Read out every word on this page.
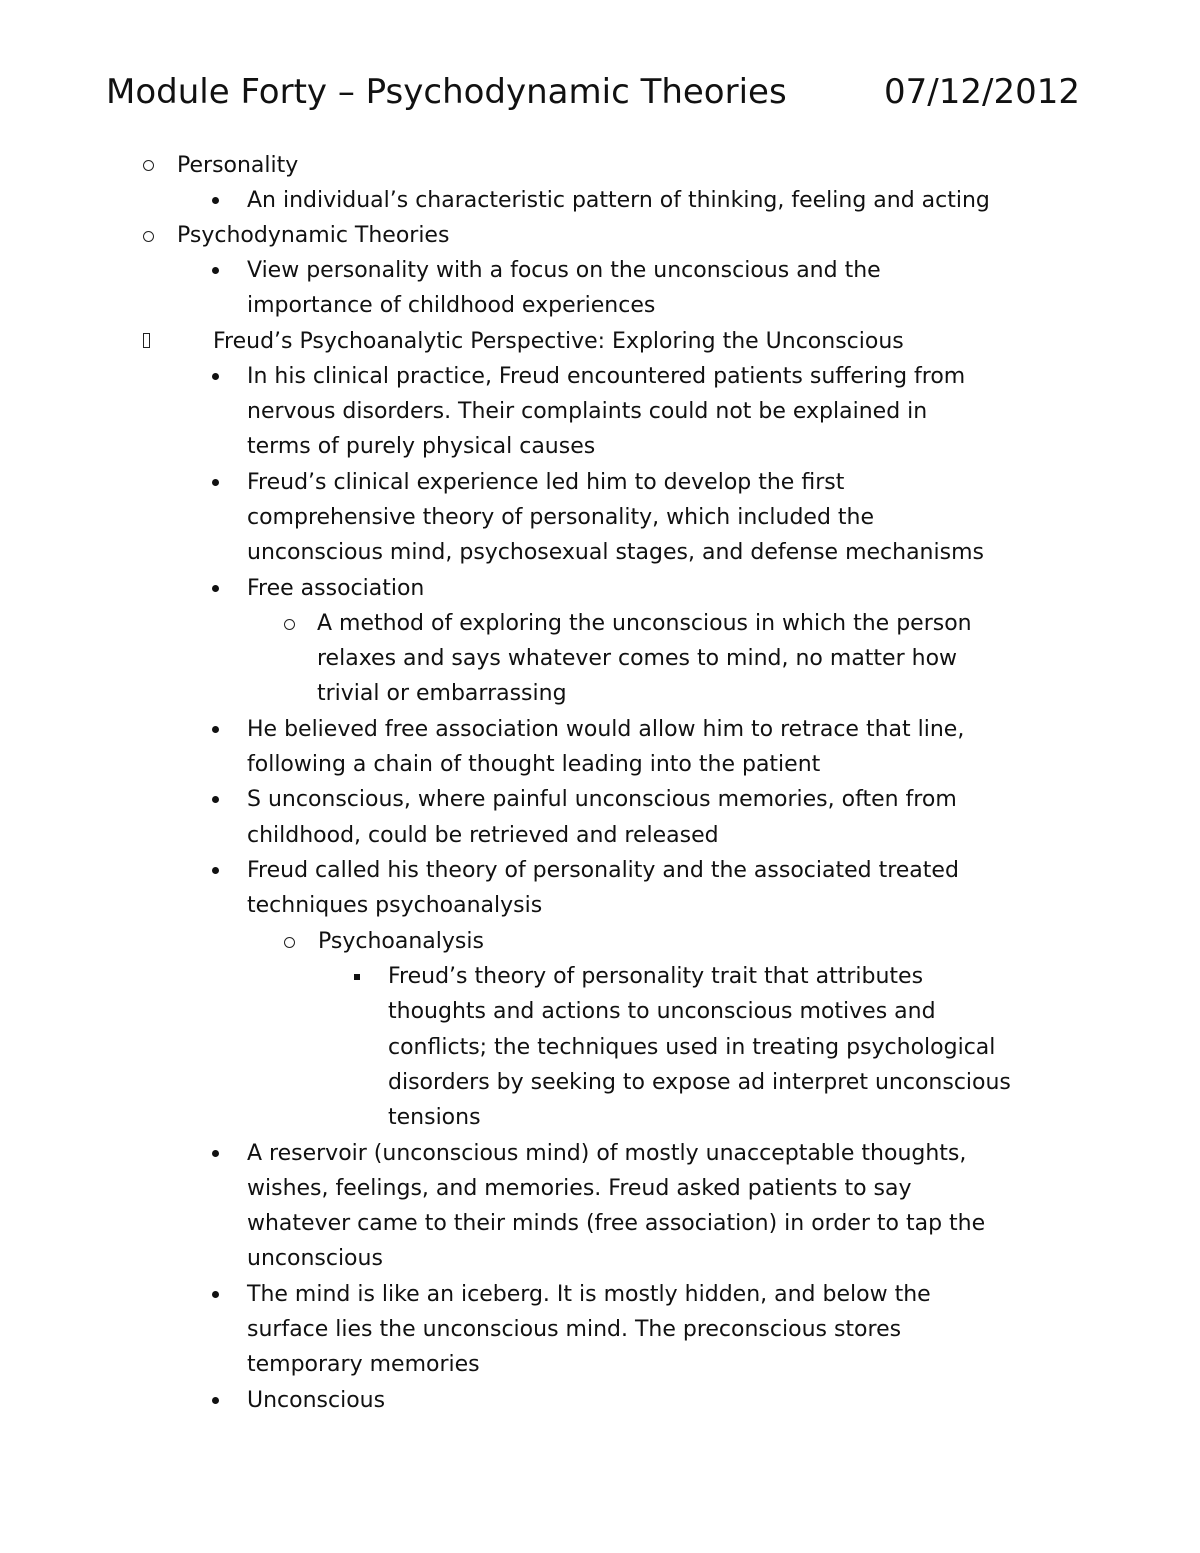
Module Forty – Psychodynamic Theories	07/12/2012
Personality
An individual’s characteristic pattern of thinking, feeling and acting
Psychodynamic Theories
View personality with a focus on the unconscious and the
importance of childhood experiences
Freud’s Psychoanalytic Perspective: Exploring the Unconscious
In his clinical practice, Freud encountered patients suffering from
nervous disorders. Their complaints could not be explained in
terms of purely physical causes
Freud’s clinical experience led him to develop the first
comprehensive theory of personality, which included the
unconscious mind, psychosexual stages, and defense mechanisms
Free association
A method of exploring the unconscious in which the person
relaxes and says whatever comes to mind, no matter how
trivial or embarrassing
He believed free association would allow him to retrace that line,
following a chain of thought leading into the patient
S unconscious, where painful unconscious memories, often from
childhood, could be retrieved and released
Freud called his theory of personality and the associated treated
techniques psychoanalysis
Psychoanalysis
Freud’s theory of personality trait that attributes
thoughts and actions to unconscious motives and
conflicts; the techniques used in treating psychological
disorders by seeking to expose ad interpret unconscious
tensions
A reservoir (unconscious mind) of mostly unacceptable thoughts,
wishes, feelings, and memories. Freud asked patients to say
whatever came to their minds (free association) in order to tap the
unconscious
The mind is like an iceberg. It is mostly hidden, and below the
surface lies the unconscious mind. The preconscious stores
temporary memories
Unconscious
